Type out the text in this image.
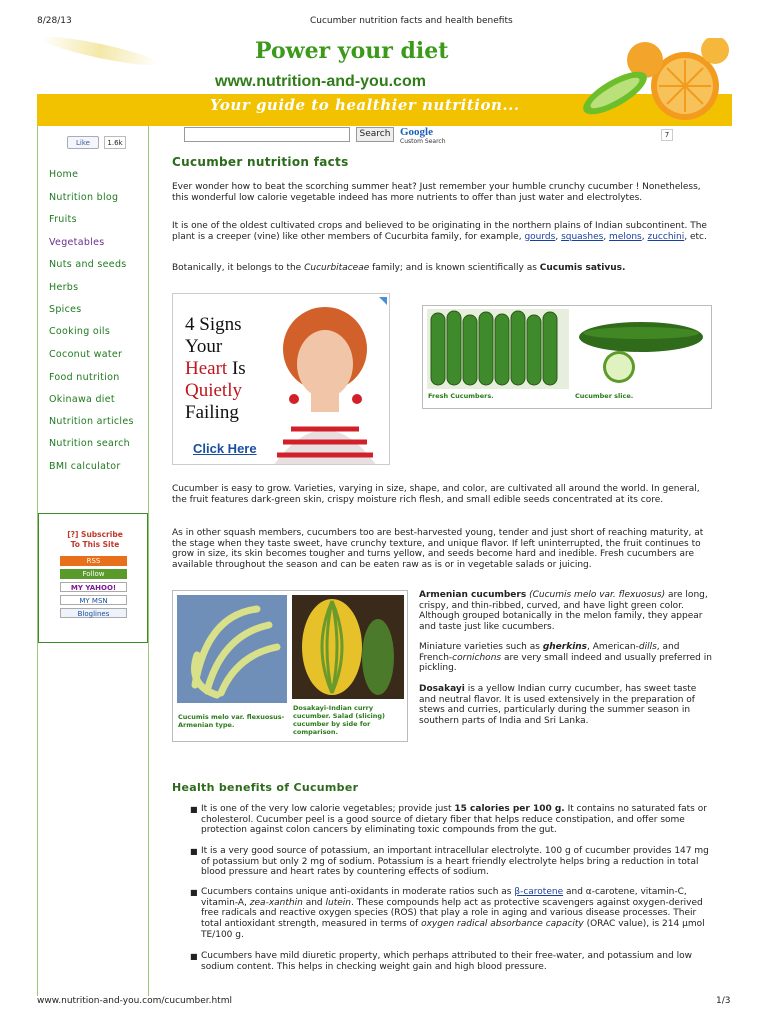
8/28/13	Cucumber nutrition facts and health benefits
Power your diet
www.nutrition-and-you.com
Your guide to healthier nutrition...
Like	1.6k
Home
Nutrition blog
Fruits
Vegetables
Nuts and seeds
Herbs
Spices
Cooking oils
Coconut water
Food nutrition
Okinawa diet
Nutrition articles
Nutrition search
BMI calculator
[?] Subscribe
To This Site
RSS
Follow
MY YAHOO!
MY MSN
Bloglines
Search Google
Custom Search
7
Cucumber nutrition facts
Ever wonder how to beat the scorching summer heat? Just remember your humble crunchy cucumber ! Nonetheless, this wonderful low calorie vegetable indeed has more nutrients to offer than just water and electrolytes.
It is one of the oldest cultivated crops and believed to be originating in the northern plains of Indian subcontinent. The plant is a creeper (vine) like other members of Cucurbita family, for example, gourds, squashes, melons, zucchini, etc.
Botanically, it belongs to the Cucurbitaceae family; and is known scientifically as Cucumis sativus.
4 Signs
Your
Heart Is
Quietly
Failing
Click Here
Fresh Cucumbers.	Cucumber slice.
Cucumber is easy to grow. Varieties, varying in size, shape, and color, are cultivated all around the world. In general, the fruit features dark-green skin, crispy moisture rich flesh, and small edible seeds concentrated at its core.
As in other squash members, cucumbers too are best-harvested young, tender and just short of reaching maturity, at the stage when they taste sweet, have crunchy texture, and unique flavor. If left uninterrupted, the fruit continues to grow in size, its skin becomes tougher and turns yellow, and seeds become hard and inedible. Fresh cucumbers are available throughout the season and can be eaten raw as is or in vegetable salads or juicing.
Cucumis melo var. flexuosus-Armenian type.
Dosakayi-Indian curry cucumber. Salad (slicing) cucumber by side for comparison.
Armenian cucumbers (Cucumis melo var. flexuosus) are long, crispy, and thin-ribbed, curved, and have light green color. Although grouped botanically in the melon family, they appear and taste just like cucumbers.
Miniature varieties such as gherkins, American-dills, and French-cornichons are very small indeed and usually preferred in pickling.
Dosakayi is a yellow Indian curry cucumber, has sweet taste and neutral flavor. It is used extensively in the preparation of stews and curries, particularly during the summer season in southern parts of India and Sri Lanka.
Health benefits of Cucumber
■ It is one of the very low calorie vegetables; provide just 15 calories per 100 g. It contains no saturated fats or cholesterol. Cucumber peel is a good source of dietary fiber that helps reduce constipation, and offer some protection against colon cancers by eliminating toxic compounds from the gut.
■ It is a very good source of potassium, an important intracellular electrolyte. 100 g of cucumber provides 147 mg of potassium but only 2 mg of sodium. Potassium is a heart friendly electrolyte helps bring a reduction in total blood pressure and heart rates by countering effects of sodium.
■ Cucumbers contains unique anti-oxidants in moderate ratios such as β-carotene and α-carotene, vitamin-C, vitamin-A, zea-xanthin and lutein. These compounds help act as protective scavengers against oxygen-derived free radicals and reactive oxygen species (ROS) that play a role in aging and various disease processes. Their total antioxidant strength, measured in terms of oxygen radical absorbance capacity (ORAC value), is 214 µmol TE/100 g.
■ Cucumbers have mild diuretic property, which perhaps attributed to their free-water, and potassium and low sodium content. This helps in checking weight gain and high blood pressure.
www.nutrition-and-you.com/cucumber.html	1/3
